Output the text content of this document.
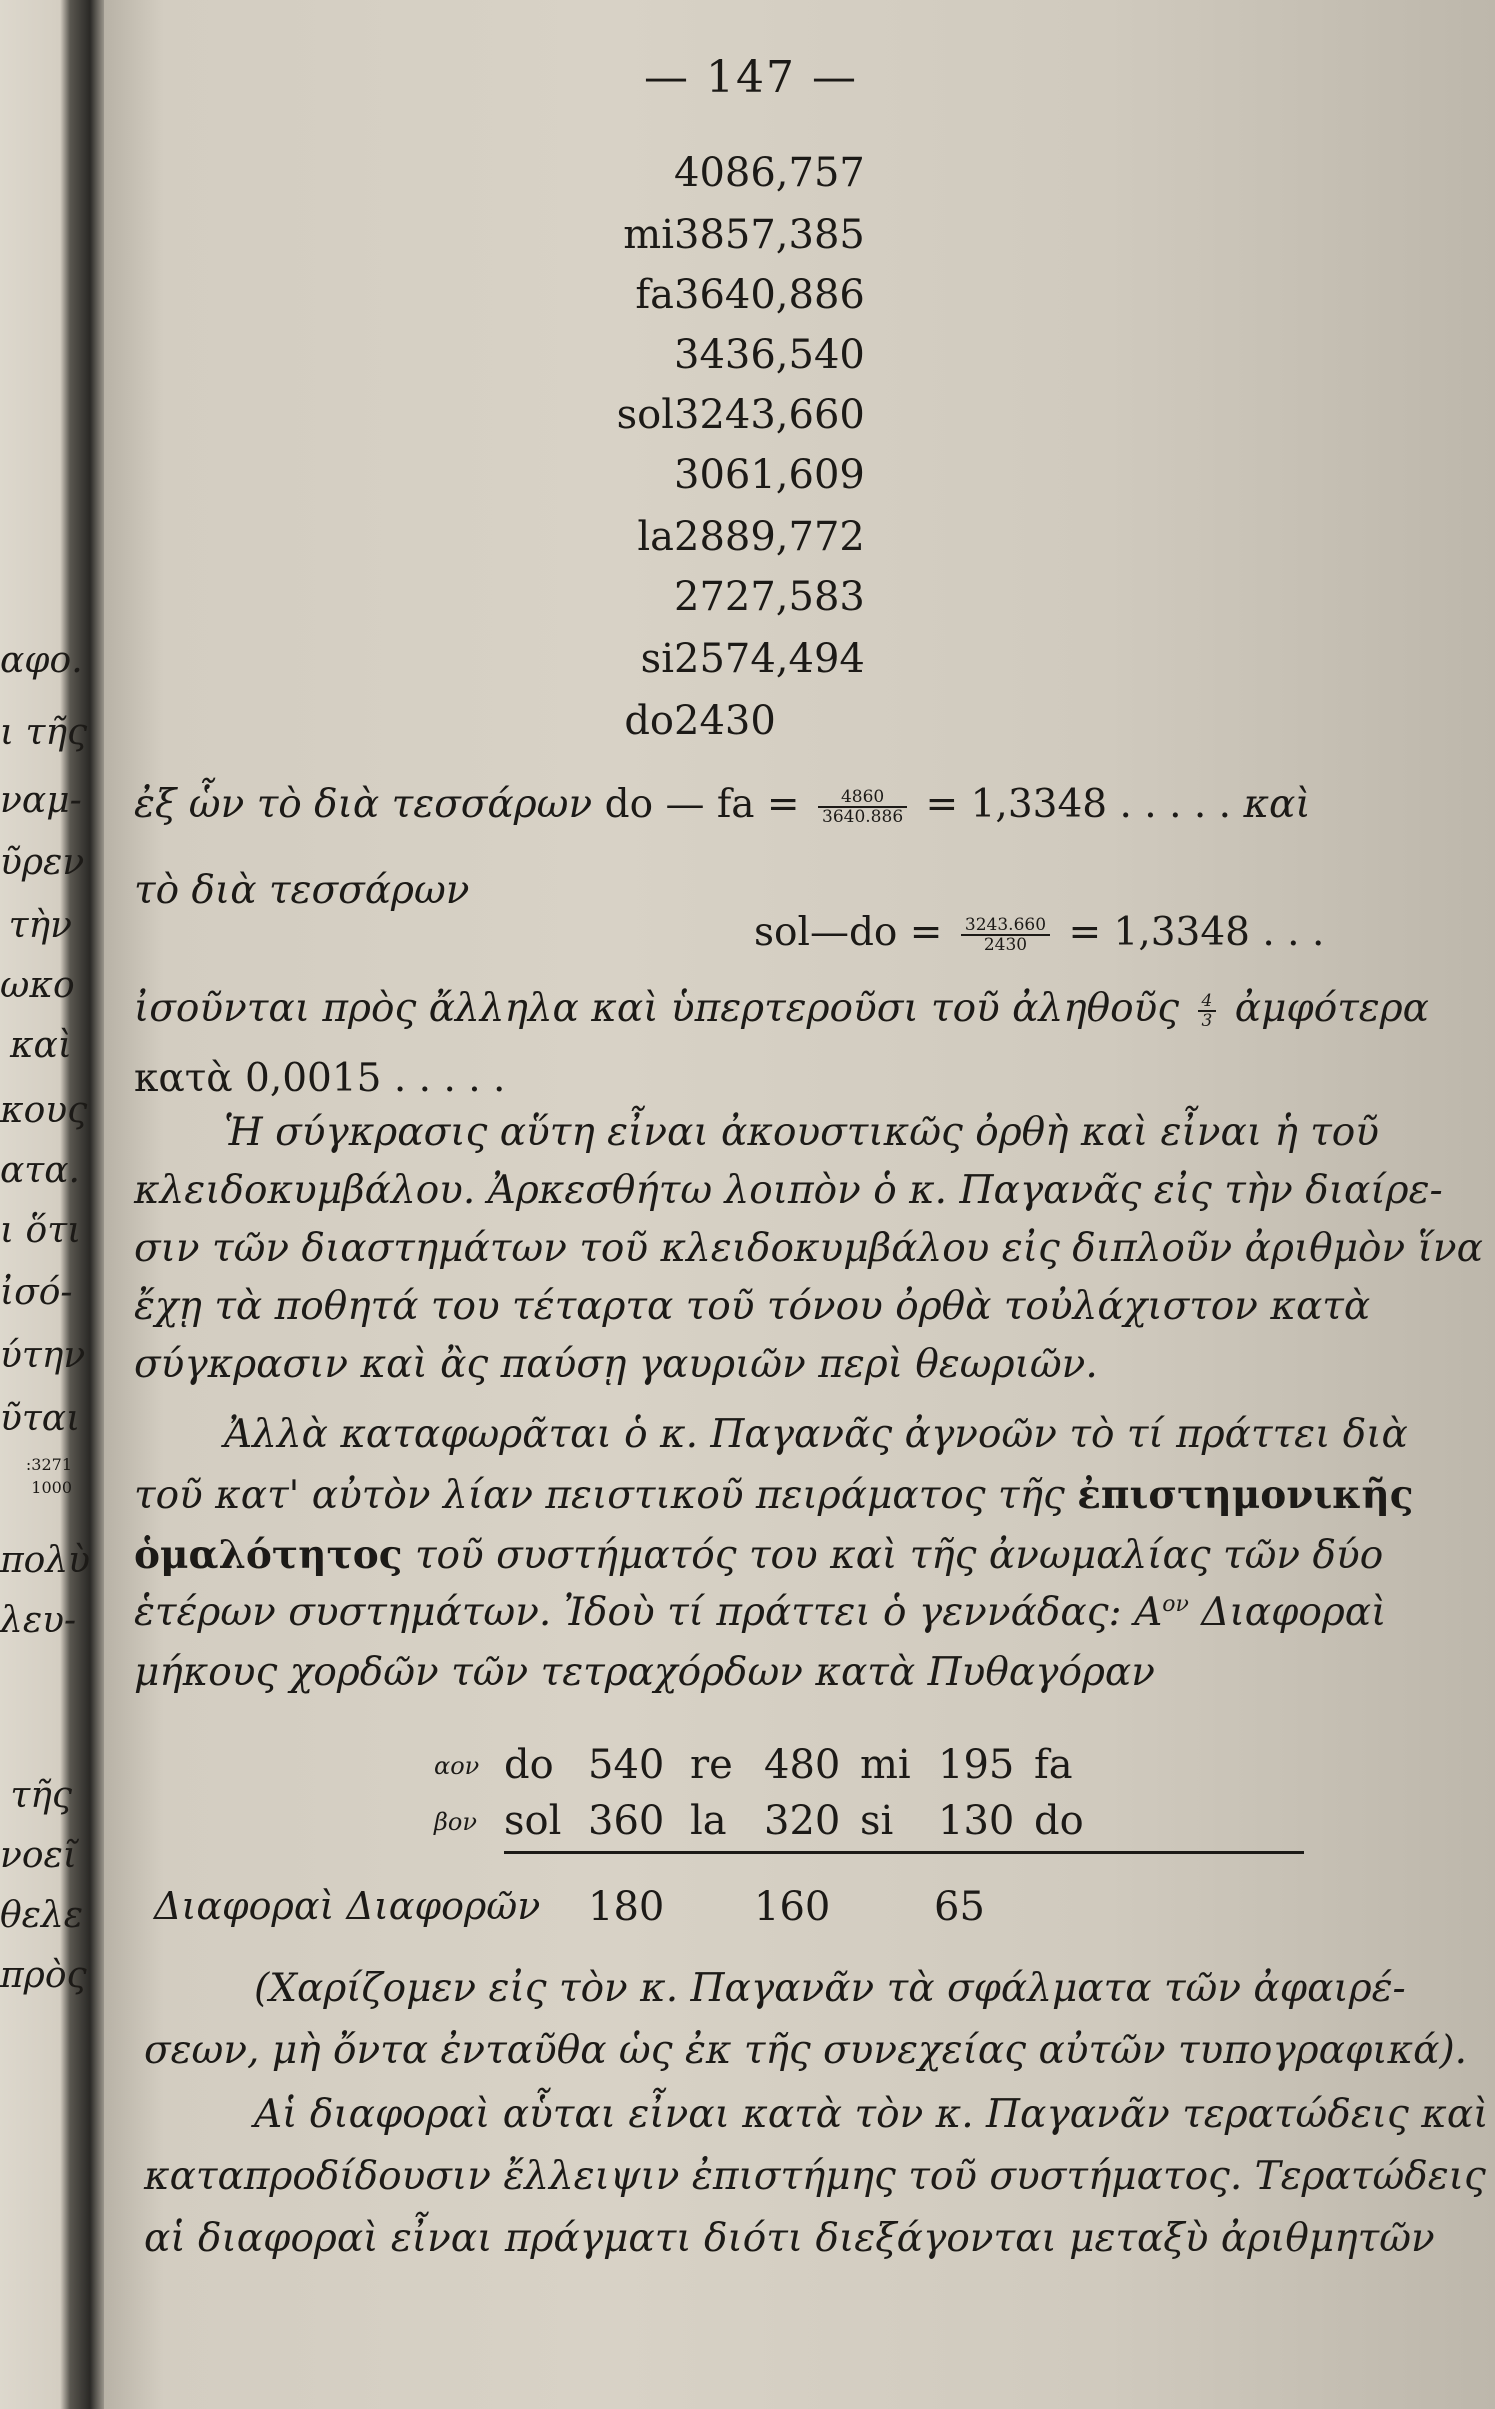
αφο.
ι τῆς
ναμ-
ῦρεν
τὴν
ωκο
καὶ
κους
ατα.
ι ὅτι
ἰσό-
ύτην
ῦται
:3271
1000
πολὺ
λευ-
τῆς
νοεῖ
θελε
πρὸς
— 147 —
4086,757
mi 3857,385
fa 3640,886
3436,540
sol 3243,660
3061,609
la 2889,772
2727,583
si 2574,494
do 2430
ἐξ ὧν τὸ διὰ τεσσάρων do — fa = $\frac{4860}{3640.886} = 1,3348$ . . . . . καὶ
τὸ διὰ τεσσάρων
sol—do = $\frac{3243.660}{2430} = 1,3348$ . . .
ἰσοῦνται πρὸς ἄλληλα καὶ ὑπερτεροῦσι τοῦ ἀληθοῦς $\frac{4}{3}$ ἀμφότερα
κατὰ 0,0015 . . . . .
Ἡ σύγκρασις αὕτη εἶναι ἀκουστικῶς ὀρθὴ καὶ εἶναι ἡ τοῦ
κλειδοκυμβάλου. Ἀρκεσθήτω λοιπὸν ὁ κ. Παγανᾶς εἰς τὴν διαίρε-
σιν τῶν διαστημάτων τοῦ κλειδοκυμβάλου εἰς διπλοῦν ἀριθμὸν ἵνα
ἔχῃ τὰ ποθητά του τέταρτα τοῦ τόνου ὀρθὰ τοὐλάχιστον κατὰ
σύγκρασιν καὶ ἂς παύσῃ γαυριῶν περὶ θεωριῶν.
Ἀλλὰ καταφωρᾶται ὁ κ. Παγανᾶς ἀγνοῶν τὸ τί πράττει διὰ
τοῦ κατ' αὐτὸν λίαν πειστικοῦ πειράματος τῆς ἐπιστημονικῆς
ὁμαλότητος τοῦ συστήματός του καὶ τῆς ἀνωμαλίας τῶν δύο
ἑτέρων συστημάτων. Ἰδοὺ τί πράττει ὁ γεννάδας: $A^{o\nu}$ Διαφοραὶ
μήκους χορδῶν τῶν τετραχόρδων κατὰ Πυθαγόραν
αον do 540 re 480 mi 195 fa
βον sol 360 la 320 si 130 do
Διαφοραὶ Διαφορῶν 180 160	65
(Χαρίζομεν εἰς τὸν κ. Παγανᾶν τὰ σφάλματα τῶν ἀφαιρέ-
σεων, μὴ ὄντα ἐνταῦθα ὡς ἐκ τῆς συνεχείας αὐτῶν τυπογραφικά).
Αἱ διαφοραὶ αὗται εἶναι κατὰ τὸν κ. Παγανᾶν τερατώδεις καὶ
καταπροδίδουσιν ἔλλειψιν ἐπιστήμης τοῦ συστήματος. Τερατώδεις
αἱ διαφοραὶ εἶναι πράγματι διότι διεξάγονται μεταξὺ ἀριθμητῶν
